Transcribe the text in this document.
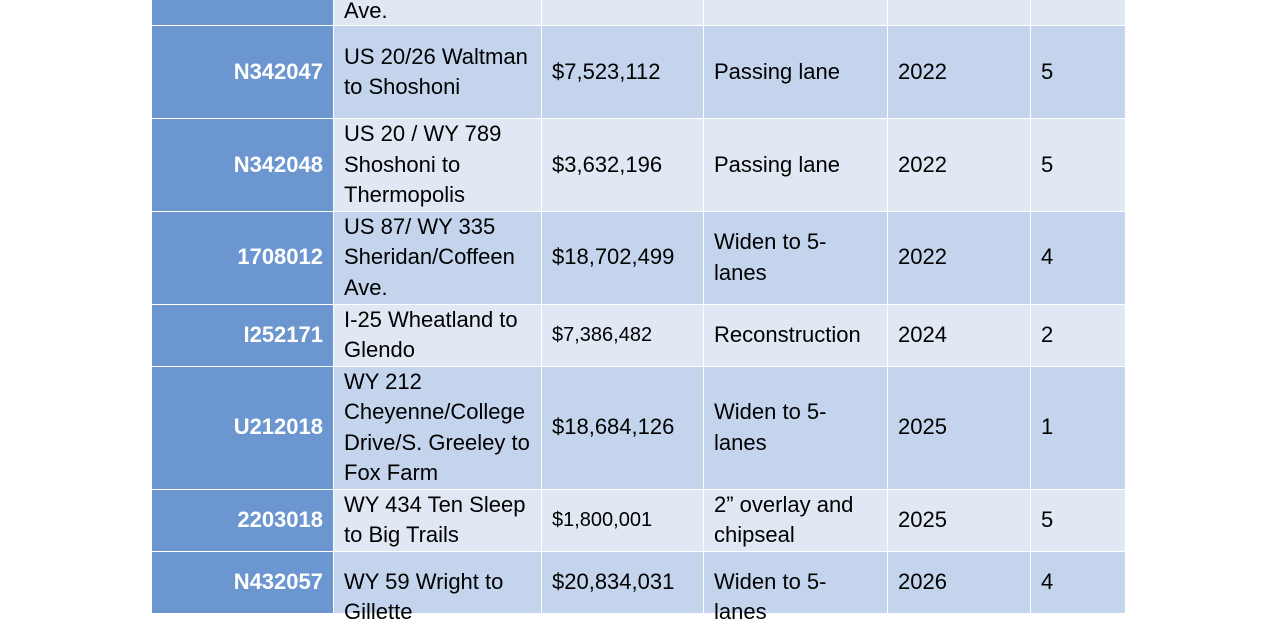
	Ave.

N342047	US 20/26 Waltman to Shoshoni	$7,523,112	Passing lane	2022	5
N342048	US 20 / WY 789 Shoshoni to Thermopolis	$3,632,196	Passing lane	2022	5
1708012	US 87/ WY 335 Sheridan/Coffeen Ave.	$18,702,499	Widen to 5-lanes	2022	4
I252171	I-25 Wheatland to Glendo	$7,386,482	Reconstruction	2024	2
U212018	WY 212 Cheyenne/College Drive/S. Greeley to Fox Farm	$18,684,126	Widen to 5-lanes	2025	1
2203018	WY 434 Ten Sleep to Big Trails	$1,800,001	2” overlay and chipseal	2025	5

N432057	WY 59 Wright to Gillette	$20,834,031	Widen to 5-lanes	2026	4
